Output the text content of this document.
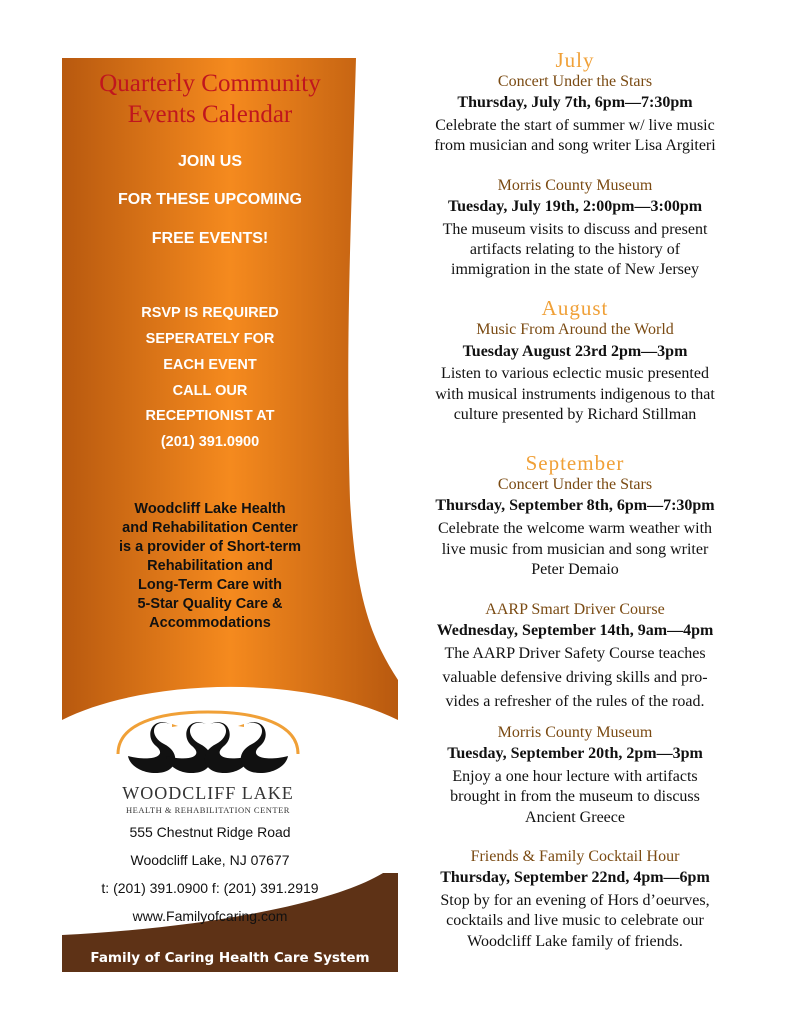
Quarterly Community
Events Calendar
JOIN US
FOR THESE UPCOMING
FREE EVENTS!
RSVP IS REQUIRED
SEPERATELY FOR
EACH EVENT
CALL OUR
RECEPTIONIST AT
(201) 391.0900
Woodcliff Lake Health
and Rehabilitation Center
is a provider of Short-term
Rehabilitation and
Long-Term Care with
5-Star Quality Care &
Accommodations
WOODCLIFF LAKE
HEALTH & REHABILITATION CENTER
555 Chestnut Ridge Road
Woodcliff Lake, NJ 07677
t: (201) 391.0900 f: (201) 391.2919
www.Familyofcaring.com
Family of Caring Health Care System
July
Concert Under the Stars
Thursday, July 7th, 6pm—7:30pm
Celebrate the start of summer w/ live music
from musician and song writer Lisa Argiteri
Morris County Museum
Tuesday, July 19th, 2:00pm—3:00pm
The museum visits to discuss and present
artifacts relating to the history of
immigration in the state of New Jersey
August
Music From Around the World
Tuesday August 23rd 2pm—3pm
Listen to various eclectic music presented
with musical instruments indigenous to that
culture presented by Richard Stillman
September
Concert Under the Stars
Thursday, September 8th, 6pm—7:30pm
Celebrate the welcome warm weather with
live music from musician and song writer
Peter Demaio
AARP Smart Driver Course
Wednesday, September 14th, 9am—4pm
The AARP Driver Safety Course teaches
valuable defensive driving skills and pro-
vides a refresher of the rules of the road.
Morris County Museum
Tuesday, September 20th, 2pm—3pm
Enjoy a one hour lecture with artifacts
brought in from the museum to discuss
Ancient Greece
Friends & Family Cocktail Hour
Thursday, September 22nd, 4pm—6pm
Stop by for an evening of Hors d’oeurves,
cocktails and live music to celebrate our
Woodcliff Lake family of friends.
